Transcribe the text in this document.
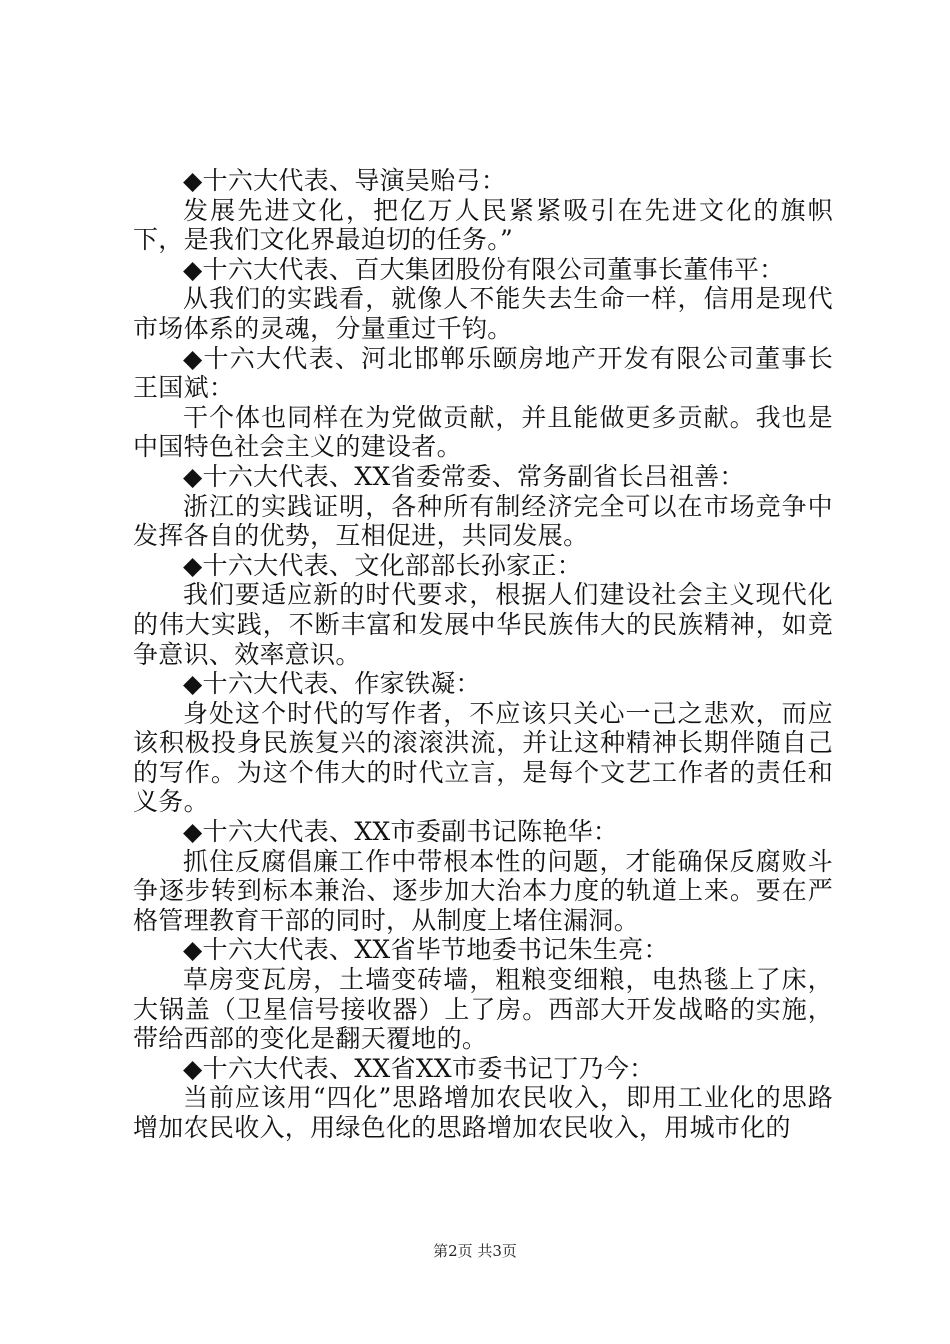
◆十六大代表、导演吴贻弓：

发展先进文化，把亿万人民紧紧吸引在先进文化的旗帜下，是我们文化界最迫切的任务。”

◆十六大代表、百大集团股份有限公司董事长董伟平：

从我们的实践看，就像人不能失去生命一样，信用是现代市场体系的灵魂，分量重过千钧。

◆十六大代表、河北邯郸乐颐房地产开发有限公司董事长王国斌：

干个体也同样在为党做贡献，并且能做更多贡献。我也是中国特色社会主义的建设者。

◆十六大代表、XX省委常委、常务副省长吕祖善：

浙江的实践证明，各种所有制经济完全可以在市场竞争中发挥各自的优势，互相促进，共同发展。

◆十六大代表、文化部部长孙家正：

我们要适应新的时代要求，根据人们建设社会主义现代化的伟大实践，不断丰富和发展中华民族伟大的民族精神，如竞争意识、效率意识。

◆十六大代表、作家铁凝：

身处这个时代的写作者，不应该只关心一己之悲欢，而应该积极投身民族复兴的滚滚洪流，并让这种精神长期伴随自己的写作。为这个伟大的时代立言，是每个文艺工作者的责任和义务。

◆十六大代表、XX市委副书记陈艳华：

抓住反腐倡廉工作中带根本性的问题，才能确保反腐败斗争逐步转到标本兼治、逐步加大治本力度的轨道上来。要在严格管理教育干部的同时，从制度上堵住漏洞。

◆十六大代表、XX省毕节地委书记朱生亮：

草房变瓦房，土墙变砖墙，粗粮变细粮，电热毯上了床，大锅盖（卫星信号接收器）上了房。西部大开发战略的实施，带给西部的变化是翻天覆地的。

◆十六大代表、XX省XX市委书记丁乃今：

当前应该用“四化”思路增加农民收入，即用工业化的思路增加农民收入，用绿色化的思路增加农民收入，用城市化的

第2页 共3页
